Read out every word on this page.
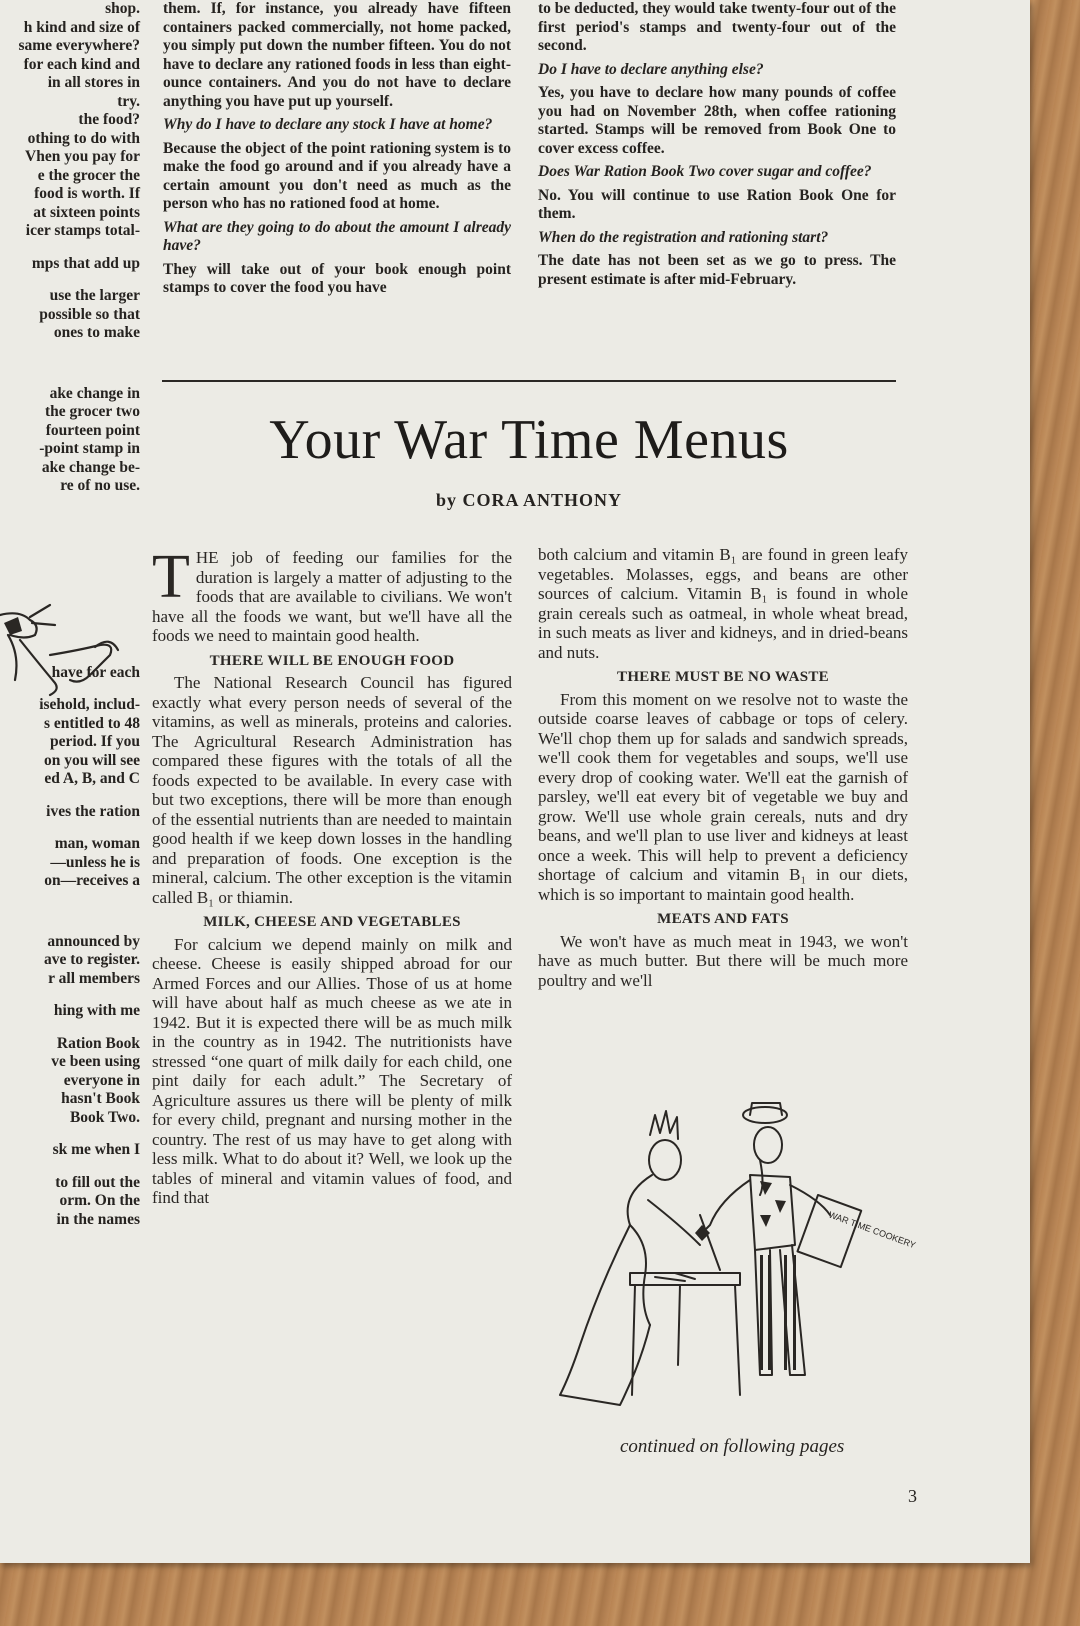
shop.

h kind and size of

same everywhere?

for each kind and

in all stores in

try.

the food?

othing to do with

Vhen you pay for

e the grocer the

food is worth. If

at sixteen points

icer stamps total-

mps that add up

use the larger

possible so that

ones to make

ake change in

the grocer two

fourteen point

-point stamp in

ake change be-

re of no use.

have for each

isehold, includ-

s entitled to 48

period. If you

on you will see

ed A, B, and C

ives the ration

man, woman

—unless he is

on—receives a

announced by

ave to register.

r all members

hing with me

Ration Book

ve been using

everyone in

hasn't Book

Book Two.

sk me when I

to fill out the

orm. On the

in the names

them. If, for instance, you already have fifteen containers packed commercially, not home packed, you simply put down the number fifteen. You do not have to declare any rationed foods in less than eight-ounce containers. And you do not have to declare anything you have put up yourself.

Why do I have to declare any stock I have at home?

Because the object of the point rationing system is to make the food go around and if you already have a certain amount you don't need as much as the person who has no rationed food at home.

What are they going to do about the amount I already have?

They will take out of your book enough point stamps to cover the food you have

to be deducted, they would take twenty-four out of the first period's stamps and twenty-four out of the second.

Do I have to declare anything else?

Yes, you have to declare how many pounds of coffee you had on November 28th, when coffee rationing started. Stamps will be removed from Book One to cover excess coffee.

Does War Ration Book Two cover sugar and coffee?

No. You will continue to use Ration Book One for them.

When do the registration and rationing start?

The date has not been set as we go to press. The present estimate is after mid-February.

Your War Time Menus
by CORA ANTHONY

THE job of feeding our families for the duration is largely a matter of adjusting to the foods that are available to civilians. We won't have all the foods we want, but we'll have all the foods we need to maintain good health.

THERE WILL BE ENOUGH FOOD

The National Research Council has figured exactly what every person needs of several of the vitamins, as well as minerals, proteins and calories. The Agricultural Research Administration has compared these figures with the totals of all the foods expected to be available. In every case with but two exceptions, there will be more than enough of the essential nutrients than are needed to maintain good health if we keep down losses in the handling and preparation of foods. One exception is the mineral, calcium. The other exception is the vitamin called B₁ or thiamin.

MILK, CHEESE AND VEGETABLES

For calcium we depend mainly on milk and cheese. Cheese is easily shipped abroad for our Armed Forces and our Allies. Those of us at home will have about half as much cheese as we ate in 1942. But it is expected there will be as much milk in the country as in 1942. The nutritionists have stressed “one quart of milk daily for each child, one pint daily for each adult.” The Secretary of Agriculture assures us there will be plenty of milk for every child, pregnant and nursing mother in the country. The rest of us may have to get along with less milk. What to do about it? Well, we look up the tables of mineral and vitamin values of food, and find that

both calcium and vitamin B₁ are found in green leafy vegetables. Molasses, eggs, and beans are other sources of calcium. Vitamin B₁ is found in whole grain cereals such as oatmeal, in whole wheat bread, in such meats as liver and kidneys, and in dried-beans and nuts.

THERE MUST BE NO WASTE

From this moment on we resolve not to waste the outside coarse leaves of cabbage or tops of celery. We'll chop them up for salads and sandwich spreads, we'll cook them for vegetables and soups, we'll use every drop of cooking water. We'll eat the garnish of parsley, we'll eat every bit of vegetable we buy and grow. We'll use whole grain cereals, nuts and dry beans, and we'll plan to use liver and kidneys at least once a week. This will help to prevent a deficiency shortage of calcium and vitamin B₁ in our diets, which is so important to maintain good health.

MEATS AND FATS

We won't have as much meat in 1943, we won't have as much butter. But there will be much more poultry and we'll

WAR TIME COOKERY
continued on following pages
3
